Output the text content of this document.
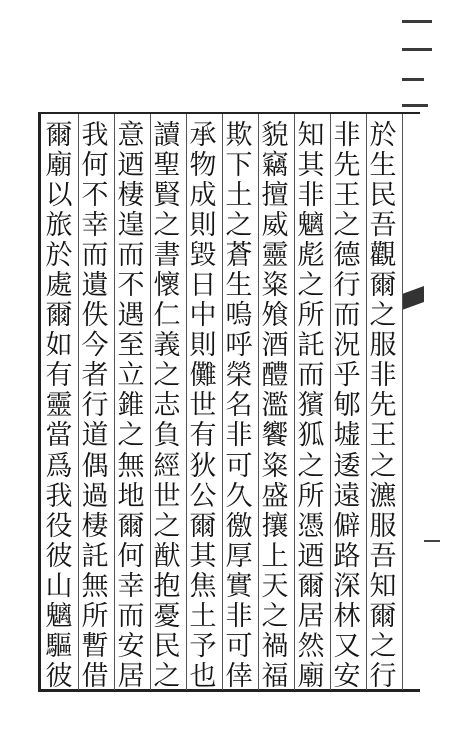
於
生
民
吾
觀
爾
之
服
非
先
王
之
瀌
服
吾
知
爾
之
行
非
先
王
之
德
行
而
況
乎
郇
墟
逶
遠
僻
路
深
林
又
安
知
其
非
魑
彪
之
所
託
而
獱
狐
之
所
憑
迺
爾
居
然
廟
貌
竊
擅
威
靈
粢
飧
酒
醴
濫
饗
粢
盛
攘
上
天
之
禍
福
欺
下
土
之
蒼
生
嗚
呼
榮
名
非
可
久
徼
厚
實
非
可
倖
承
物
成
則
毀
日
中
則
儺
世
有
狄
公
爾
其
焦
土
予
也
讀
聖
賢
之
書
懷
仁
義
之
志
負
經
世
之
猷
抱
憂
民
之
意
迺
棲
遑
而
不
遇
至
立
錐
之
無
地
爾
何
幸
而
安
居
我
何
不
幸
而
遺
佚
今
者
行
道
偶
過
棲
託
無
所
暫
借
爾
廟
以
旅
於
處
爾
如
有
靈
當
爲
我
役
彼
山
魑
驅
彼
